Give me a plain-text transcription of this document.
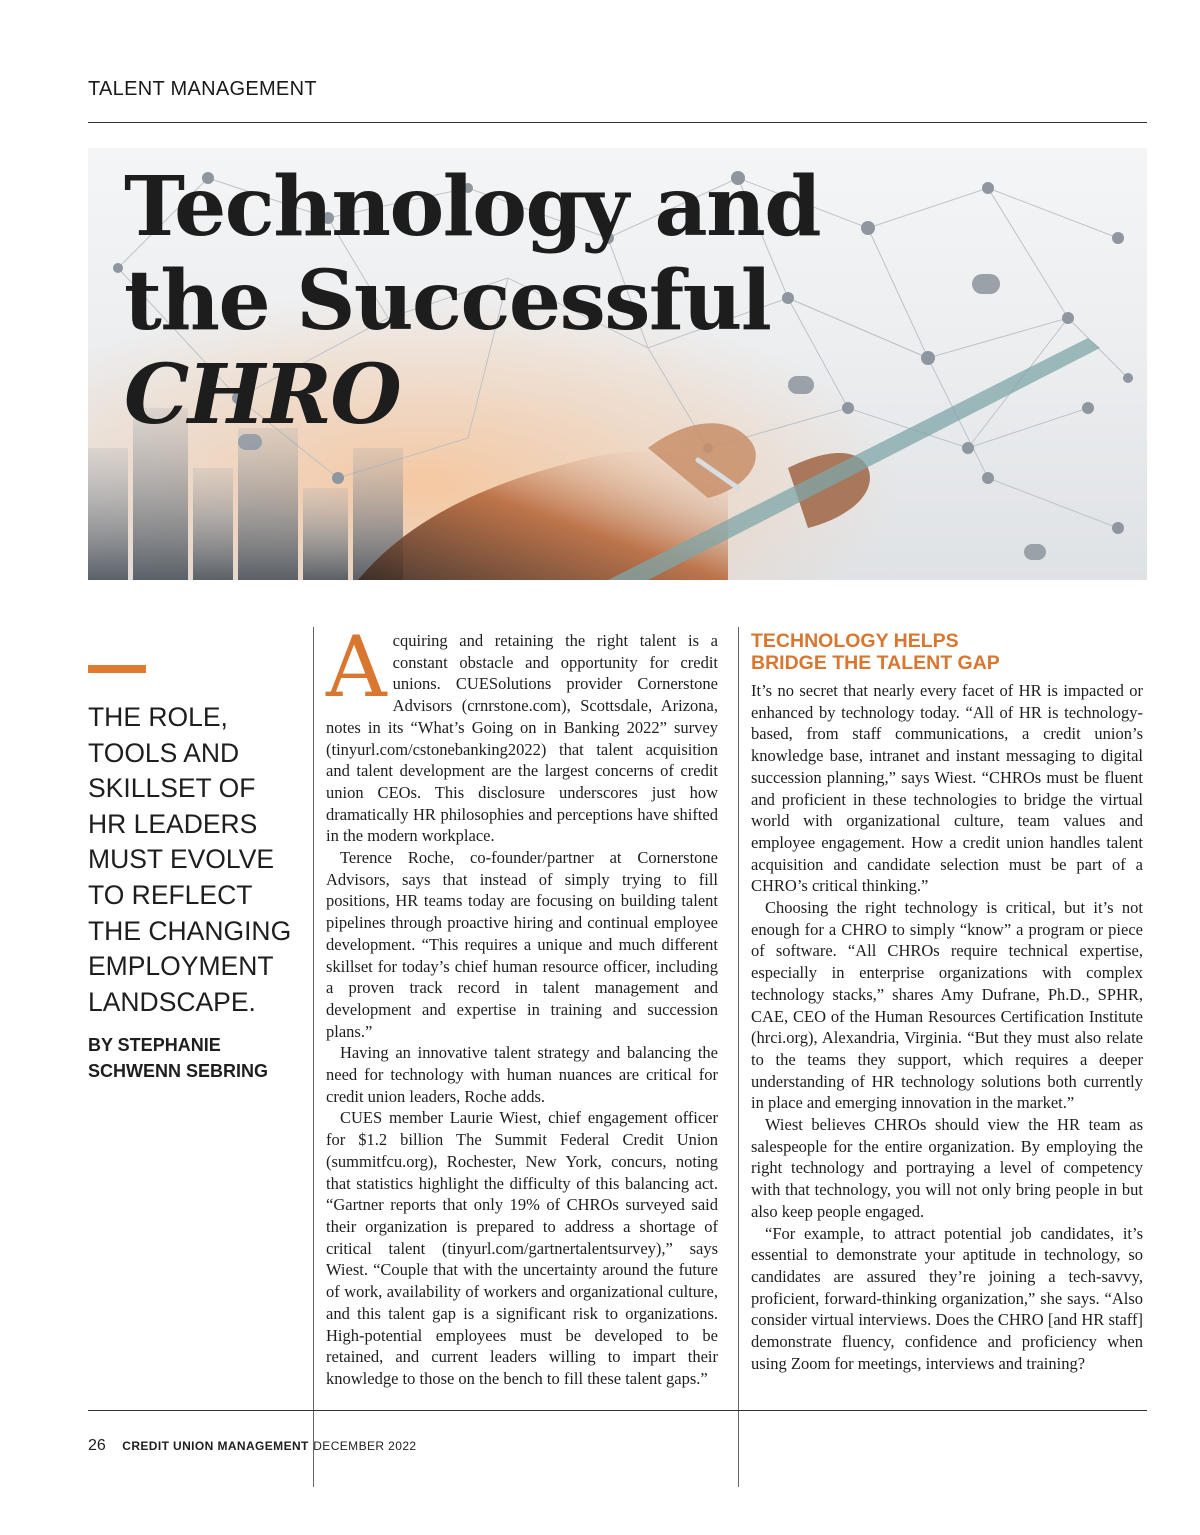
TALENT MANAGEMENT
Technology and
the Successful
CHRO
THE ROLE, TOOLS AND SKILLSET OF HR LEADERS MUST EVOLVE TO REFLECT THE CHANGING EMPLOYMENT LANDSCAPE.
BY STEPHANIE
SCHWENN SEBRING

Acquiring and retaining the right talent is a constant obstacle and opportunity for credit unions. CUESolutions provider Cornerstone Advisors (crnrstone.com), Scottsdale, Arizona, notes in its “What’s Going on in Banking 2022” survey (tinyurl.com/cstonebanking2022) that talent acquisition and talent development are the largest concerns of credit union CEOs. This disclosure underscores just how dramatically HR philosophies and perceptions have shifted in the modern workplace.

Terence Roche, co-founder/partner at Cornerstone Advisors, says that instead of simply trying to fill positions, HR teams today are focusing on building talent pipelines through proactive hiring and continual employee development. “This requires a unique and much different skillset for today’s chief human resource officer, including a proven track record in talent management and development and expertise in training and succession plans.”

Having an innovative talent strategy and balancing the need for technology with human nuances are critical for credit union leaders, Roche adds.

CUES member Laurie Wiest, chief engagement officer for $1.2 billion The Summit Federal Credit Union (summitfcu.org), Rochester, New York, concurs, noting that statistics highlight the difficulty of this balancing act. “Gartner reports that only 19% of CHROs surveyed said their organization is prepared to address a shortage of critical talent (tinyurl.com/gartnertalentsurvey),” says Wiest. “Couple that with the uncertainty around the future of work, availability of workers and organizational culture, and this talent gap is a significant risk to organizations. High-potential employees must be developed to be retained, and current leaders willing to impart their knowledge to those on the bench to fill these talent gaps.”

TECHNOLOGY HELPS
BRIDGE THE TALENT GAP

It’s no secret that nearly every facet of HR is impacted or enhanced by technology today. “All of HR is technology-based, from staff communications, a credit union’s knowledge base, intranet and instant messaging to digital succession planning,” says Wiest. “CHROs must be fluent and proficient in these technologies to bridge the virtual world with organizational culture, team values and employee engagement. How a credit union handles talent acquisition and candidate selection must be part of a CHRO’s critical thinking.”

Choosing the right technology is critical, but it’s not enough for a CHRO to simply “know” a program or piece of software. “All CHROs require technical expertise, especially in enterprise organizations with complex technology stacks,” shares Amy Dufrane, Ph.D., SPHR, CAE, CEO of the Human Resources Certification Institute (hrci.org), Alexandria, Virginia. “But they must also relate to the teams they support, which requires a deeper understanding of HR technology solutions both currently in place and emerging innovation in the market.”

Wiest believes CHROs should view the HR team as salespeople for the entire organization. By employing the right technology and portraying a level of competency with that technology, you will not only bring people in but also keep people engaged.

“For example, to attract potential job candidates, it’s essential to demonstrate your aptitude in technology, so candidates are assured they’re joining a tech-savvy, proficient, forward-thinking organization,” she says. “Also consider virtual interviews. Does the CHRO [and HR staff] demonstrate fluency, confidence and proficiency when using Zoom for meetings, interviews and training?

26 CREDIT UNION MANAGEMENT DECEMBER 2022
